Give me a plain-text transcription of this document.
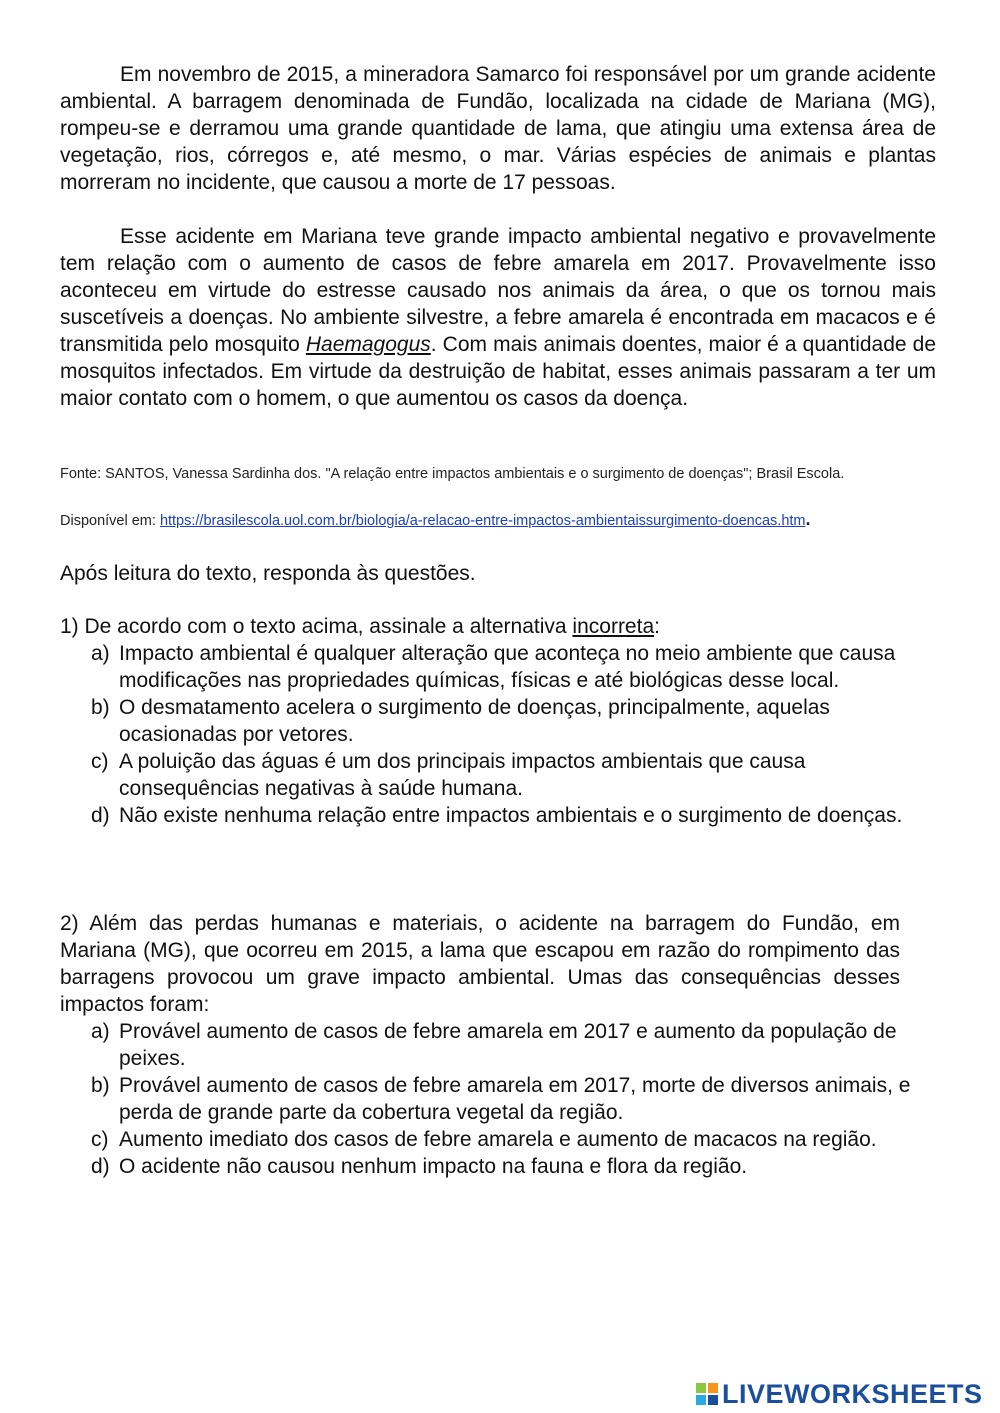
Em novembro de 2015, a mineradora Samarco foi responsável por um grande acidente ambiental. A barragem denominada de Fundão, localizada na cidade de Mariana (MG), rompeu-se e derramou uma grande quantidade de lama, que atingiu uma extensa área de vegetação, rios, córregos e, até mesmo, o mar. Várias espécies de animais e plantas morreram no incidente, que causou a morte de 17 pessoas.

Esse acidente em Mariana teve grande impacto ambiental negativo e provavelmente tem relação com o aumento de casos de febre amarela em 2017. Provavelmente isso aconteceu em virtude do estresse causado nos animais da área, o que os tornou mais suscetíveis a doenças. No ambiente silvestre, a febre amarela é encontrada em macacos e é transmitida pelo mosquito Haemagogus. Com mais animais doentes, maior é a quantidade de mosquitos infectados. Em virtude da destruição de habitat, esses animais passaram a ter um maior contato com o homem, o que aumentou os casos da doença.

Fonte: SANTOS, Vanessa Sardinha dos. "A relação entre impactos ambientais e o surgimento de doenças"; Brasil Escola.
Disponível em: https://brasilescola.uol.com.br/biologia/a-relacao-entre-impactos-ambientaissurgimento-doencas.htm.
Após leitura do texto, responda às questões.

1) De acordo com o texto acima, assinale a alternativa incorreta:

a) Impacto ambiental é qualquer alteração que aconteça no meio ambiente que causa modificações nas propriedades químicas, físicas e até biológicas desse local.

b) O desmatamento acelera o surgimento de doenças, principalmente, aquelas ocasionadas por vetores.

c) A poluição das águas é um dos principais impactos ambientais que causa consequências negativas à saúde humana.

d) Não existe nenhuma relação entre impactos ambientais e o surgimento de doenças.

2) Além das perdas humanas e materiais, o acidente na barragem do Fundão, em Mariana (MG), que ocorreu em 2015, a lama que escapou em razão do rompimento das barragens provocou um grave impacto ambiental. Umas das consequências desses impactos foram:

a) Provável aumento de casos de febre amarela em 2017 e aumento da população de peixes.

b) Provável aumento de casos de febre amarela em 2017, morte de diversos animais, e perda de grande parte da cobertura vegetal da região.

c) Aumento imediato dos casos de febre amarela e aumento de macacos na região.

d) O acidente não causou nenhum impacto na fauna e flora da região.

LIVEWORKSHEETS
